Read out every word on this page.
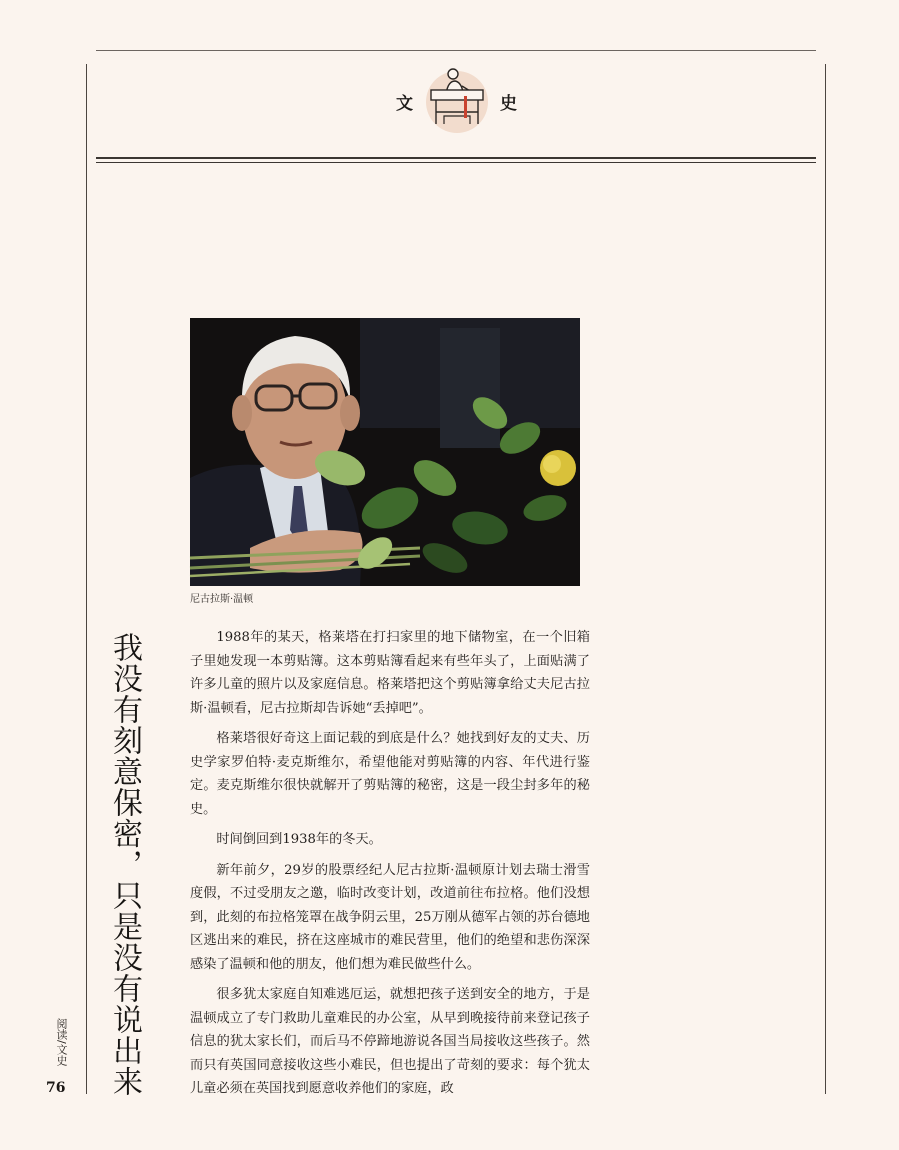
文	史
尼古拉斯·温顿
我没有刻意保密，只是没有说出来	1988年的某天，格莱塔在打扫家里的地下储物室，在一个旧箱子里她发现一本剪贴簿。这本剪贴簿看起来有些年头了，上面贴满了许多儿童的照片以及家庭信息。格莱塔把这个剪贴簿拿给丈夫尼古拉斯·温顿看，尼古拉斯却告诉她“丢掉吧”。

格莱塔很好奇这上面记载的到底是什么？她找到好友的丈夫、历史学家罗伯特·麦克斯维尔，希望他能对剪贴簿的内容、年代进行鉴定。麦克斯维尔很快就解开了剪贴簿的秘密，这是一段尘封多年的秘史。

时间倒回到1938年的冬天。

新年前夕，29岁的股票经纪人尼古拉斯·温顿原计划去瑞士滑雪度假，不过受朋友之邀，临时改变计划，改道前往布拉格。他们没想到，此刻的布拉格笼罩在战争阴云里，25万刚从德军占领的苏台德地区逃出来的难民，挤在这座城市的难民营里，他们的绝望和悲伤深深感染了温顿和他的朋友，他们想为难民做些什么。

很多犹太家庭自知难逃厄运，就想把孩子送到安全的地方，于是温顿成立了专门救助儿童难民的办公室，从早到晚接待前来登记孩子信息的犹太家长们，而后马不停蹄地游说各国当局接收这些孩子。然而只有英国同意接收这些小难民，但也提出了苛刻的要求：每个犹太儿童必须在英国找到愿意收养他们的家庭，政

阅读/文史
76
